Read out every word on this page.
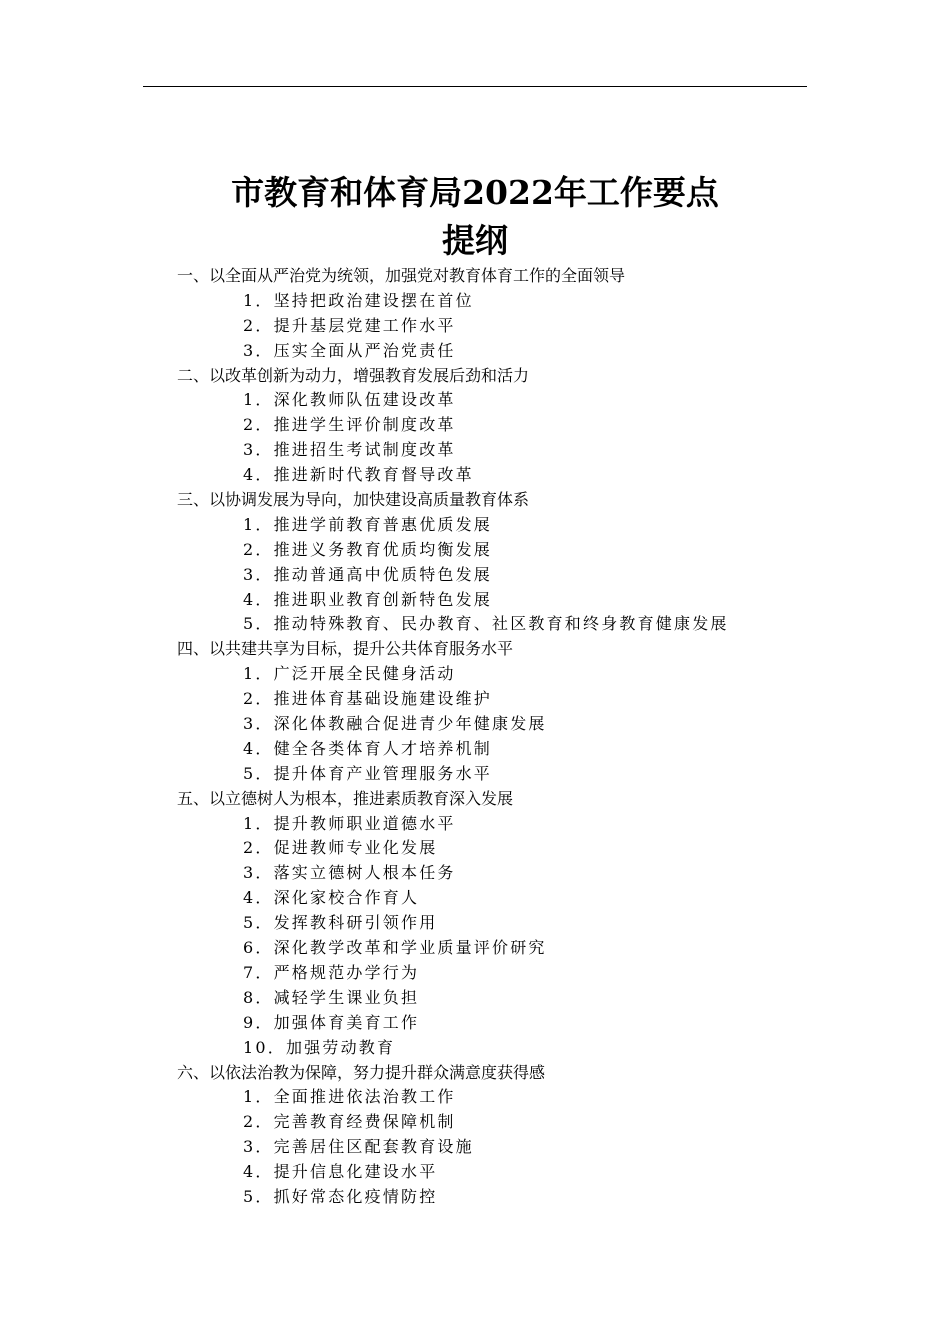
市教育和体育局2022年工作要点
提纲
一、以全面从严治党为统领，加强党对教育体育工作的全面领导
1．坚持把政治建设摆在首位
2．提升基层党建工作水平
3．压实全面从严治党责任
二、以改革创新为动力，增强教育发展后劲和活力
1．深化教师队伍建设改革
2．推进学生评价制度改革
3．推进招生考试制度改革
4．推进新时代教育督导改革
三、以协调发展为导向，加快建设高质量教育体系
1．推进学前教育普惠优质发展
2．推进义务教育优质均衡发展
3．推动普通高中优质特色发展
4．推进职业教育创新特色发展
5．推动特殊教育、民办教育、社区教育和终身教育健康发展
四、以共建共享为目标，提升公共体育服务水平
1．广泛开展全民健身活动
2．推进体育基础设施建设维护
3．深化体教融合促进青少年健康发展
4．健全各类体育人才培养机制
5．提升体育产业管理服务水平
五、以立德树人为根本，推进素质教育深入发展
1．提升教师职业道德水平
2．促进教师专业化发展
3．落实立德树人根本任务
4．深化家校合作育人
5．发挥教科研引领作用
6．深化教学改革和学业质量评价研究
7．严格规范办学行为
8．减轻学生课业负担
9．加强体育美育工作
10．加强劳动教育
六、以依法治教为保障，努力提升群众满意度获得感
1．全面推进依法治教工作
2．完善教育经费保障机制
3．完善居住区配套教育设施
4．提升信息化建设水平
5．抓好常态化疫情防控
